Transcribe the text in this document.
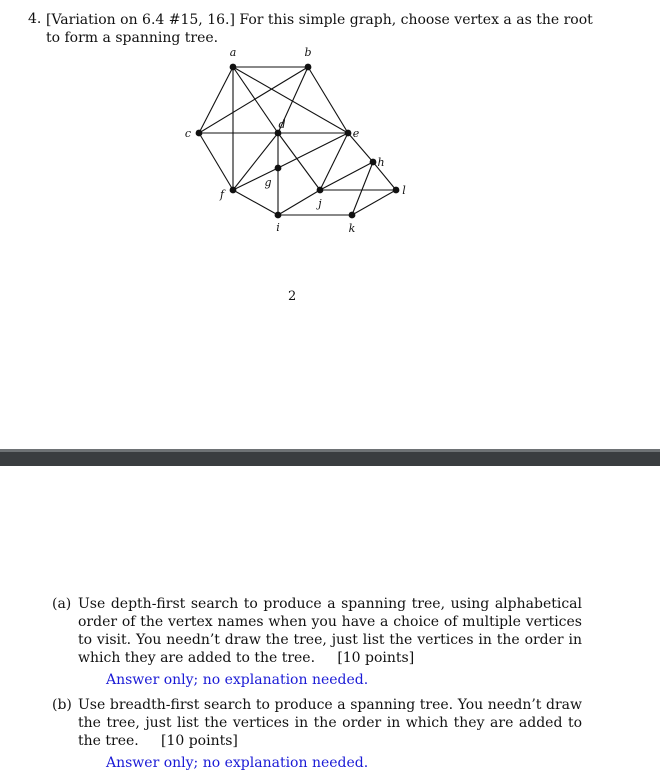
4. [Variation on 6.4 #15, 16.] For this simple graph, choose vertex a as the root to form a spanning tree.
a	b
c
d
e
f
g
h
i
j
k
l
2
(a) Use depth-first search to produce a spanning tree, using alphabetical order of the vertex names when you have a choice of multiple vertices to visit. You needn’t draw the tree, just list the vertices in the order in which they are added to the tree. [10 points]
Answer only; no explanation needed.
(b) Use breadth-first search to produce a spanning tree. You needn’t draw the tree, just list the vertices in the order in which they are added to the tree. [10 points]
Answer only; no explanation needed.
